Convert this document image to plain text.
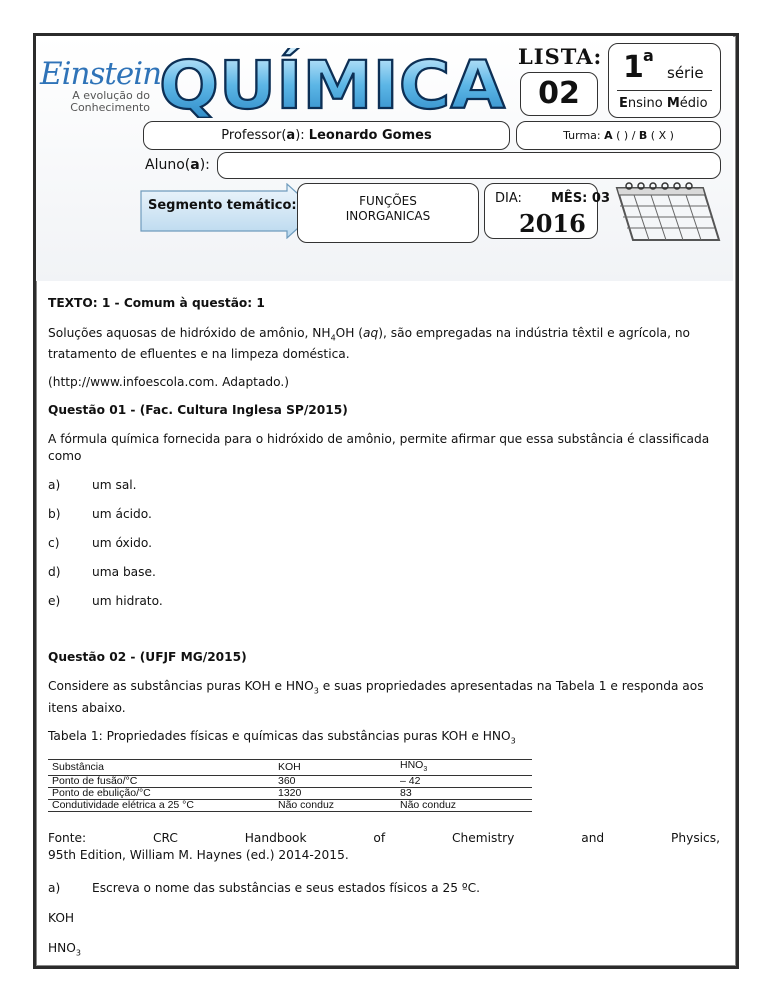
Einstein
A evolução do
Conhecimento QUÍMICA	LISTA:
02
1 a
série
Ensino Médio
Professor(a): Leonardo Gomes	Turma: A ( ) / B ( X )
Aluno(a):
Segmento temático:	FUNÇÕES
INORGANICAS
DIA: MÊS: 03
2016

TEXTO: 1 - Comum à questão: 1

Soluções aquosas de hidróxido de amônio, $NH_4OH$ (aq), são empregadas na indústria têxtil e agrícola, no tratamento de efluentes e na limpeza doméstica.

(http://www.infoescola.com. Adaptado.)

Questão 01 - (Fac. Cultura Inglesa SP/2015)

A fórmula química fornecida para o hidróxido de amônio, permite afirmar que essa substância é classificada como

a)	um sal.
b)	um ácido.
c)	um óxido.
d)	uma base.
e)	um hidrato.

Questão 02 - (UFJF MG/2015)

Considere as substâncias puras KOH e $HNO_3$ e suas propriedades apresentadas na Tabela 1 e responda aos itens abaixo.

Tabela 1: Propriedades físicas e químicas das substâncias puras KOH e $HNO_3$

Substância	KOH	$HNO_3$
Ponto de fusão/°C	360	– 42
Ponto de ebulição/°C	1320	83
Condutividade elétrica a 25 °C	Não conduz	Não conduz
Fonte:	CRC	Handbook	of	Chemistry	and	Physics,

95th Edition, William M. Haynes (ed.) 2014-2015.

a)	Escreva o nome das substâncias e seus estados físicos a 25 ºC.

KOH

$HNO_3$
